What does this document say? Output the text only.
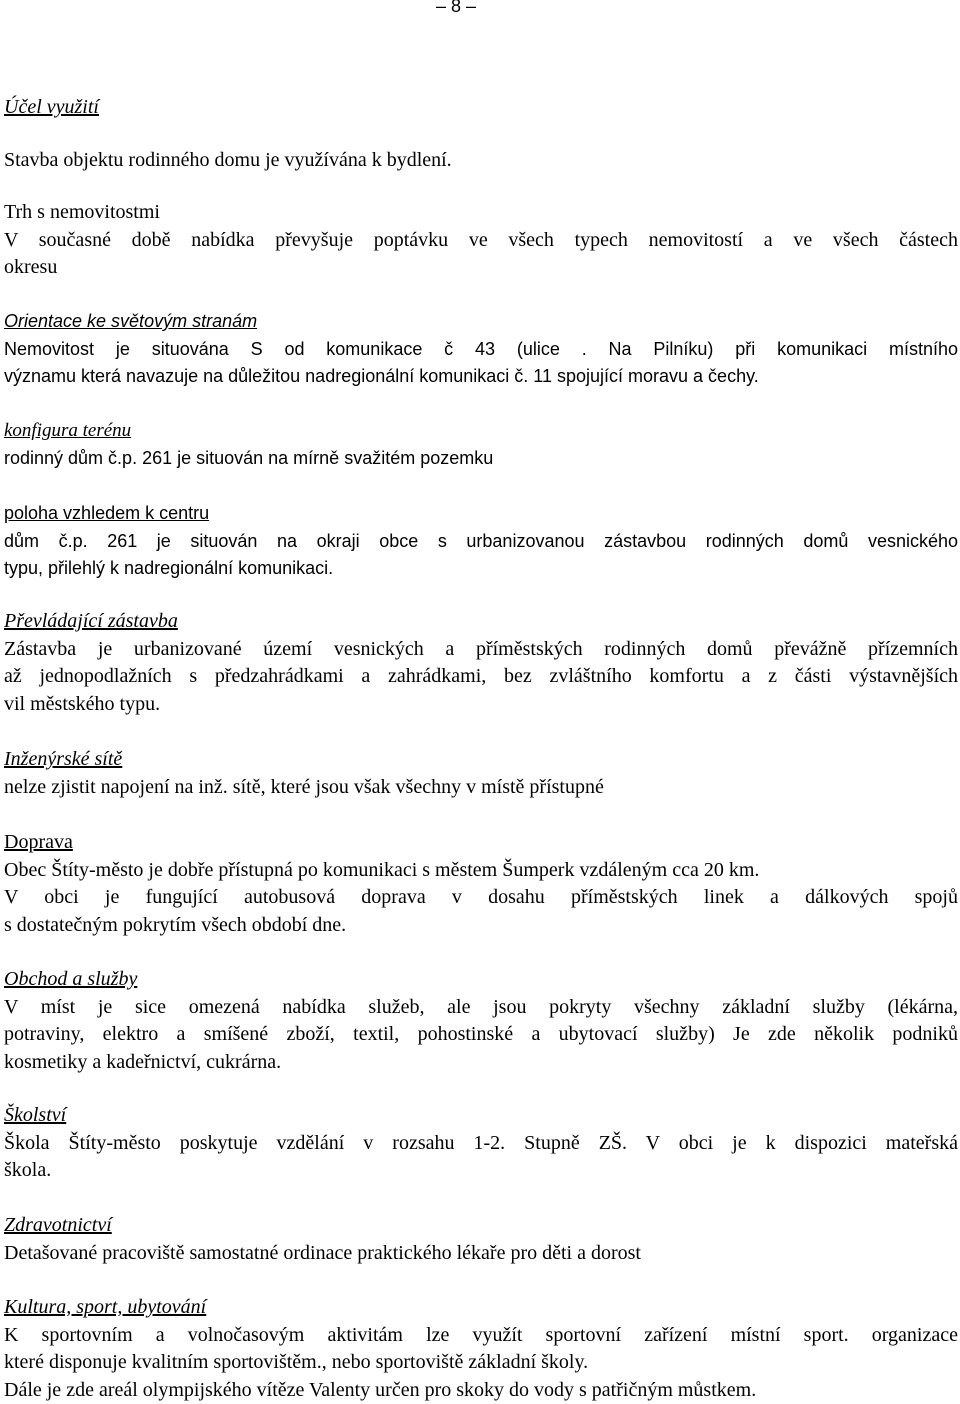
– 8 –
Účel využití
Stavba objektu rodinného domu je využívána k bydlení.
Trh s nemovitostmi
V současné době nabídka převyšuje poptávku ve všech typech nemovitostí a ve všech částech
okresu
Orientace ke světovým stranám
Nemovitost je situována S od komunikace č 43 (ulice . Na Pilníku) při komunikaci místního
významu která navazuje na důležitou nadregionální komunikaci č. 11 spojující moravu a čechy.
konfigura terénu
rodinný dům č.p. 261 je situován na mírně svažitém pozemku
poloha vzhledem k centru
dům č.p. 261 je situován na okraji obce s urbanizovanou zástavbou rodinných domů vesnického
typu, přilehlý k nadregionální komunikaci.
Převládající zástavba
Zástavba je urbanizované území vesnických a příměstských rodinných domů převážně přízemních
až jednopodlažních s předzahrádkami a zahrádkami, bez zvláštního komfortu a z části výstavnějších
vil městského typu.
Inženýrské sítě
nelze zjistit napojení na inž. sítě, které jsou však všechny v místě přístupné
Doprava
Obec Štíty-město je dobře přístupná po komunikaci s městem Šumperk vzdáleným cca 20 km.
V obci je fungující autobusová doprava v dosahu příměstských linek a dálkových spojů
s dostatečným pokrytím všech období dne.
Obchod a služby
V míst je sice omezená nabídka služeb, ale jsou pokryty všechny základní služby (lékárna,
potraviny, elektro a smíšené zboží, textil, pohostinské a ubytovací služby) Je zde několik podniků
kosmetiky a kadeřnictví, cukrárna.
Školství
Škola Štíty-město poskytuje vzdělání v rozsahu 1-2. Stupně ZŠ. V obci je k dispozici mateřská
škola.
Zdravotnictví
Detašované pracoviště samostatné ordinace praktického lékaře pro děti a dorost
Kultura, sport, ubytování
K sportovním a volnočasovým aktivitám lze využít sportovní zařízení místní sport. organizace
které disponuje kvalitním sportovištěm., nebo sportoviště základní školy.
Dále je zde areál olympijského vítěze Valenty určen pro skoky do vody s patřičným můstkem.
